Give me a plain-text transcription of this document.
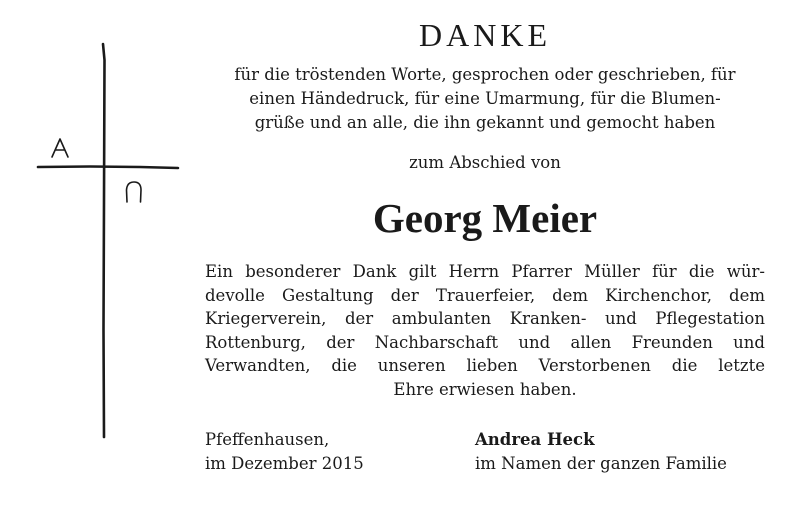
DANKE
für die tröstenden Worte, gesprochen oder geschrieben, für
einen Händedruck, für eine Umarmung, für die Blumen-
grüße und an alle, die ihn gekannt und gemocht haben
zum Abschied von
Georg Meier
Ein besonderer Dank gilt Herrn Pfarrer Müller für die wür-
devolle Gestaltung der Trauerfeier, dem Kirchenchor, dem
Kriegerverein, der ambulanten Kranken- und Pflegestation
Rottenburg, der Nachbarschaft und allen Freunden und
Verwandten, die unseren lieben Verstorbenen die letzte
Ehre erwiesen haben.
Pfeffenhausen,
im Dezember 2015
Andrea Heck
im Namen der ganzen Familie
